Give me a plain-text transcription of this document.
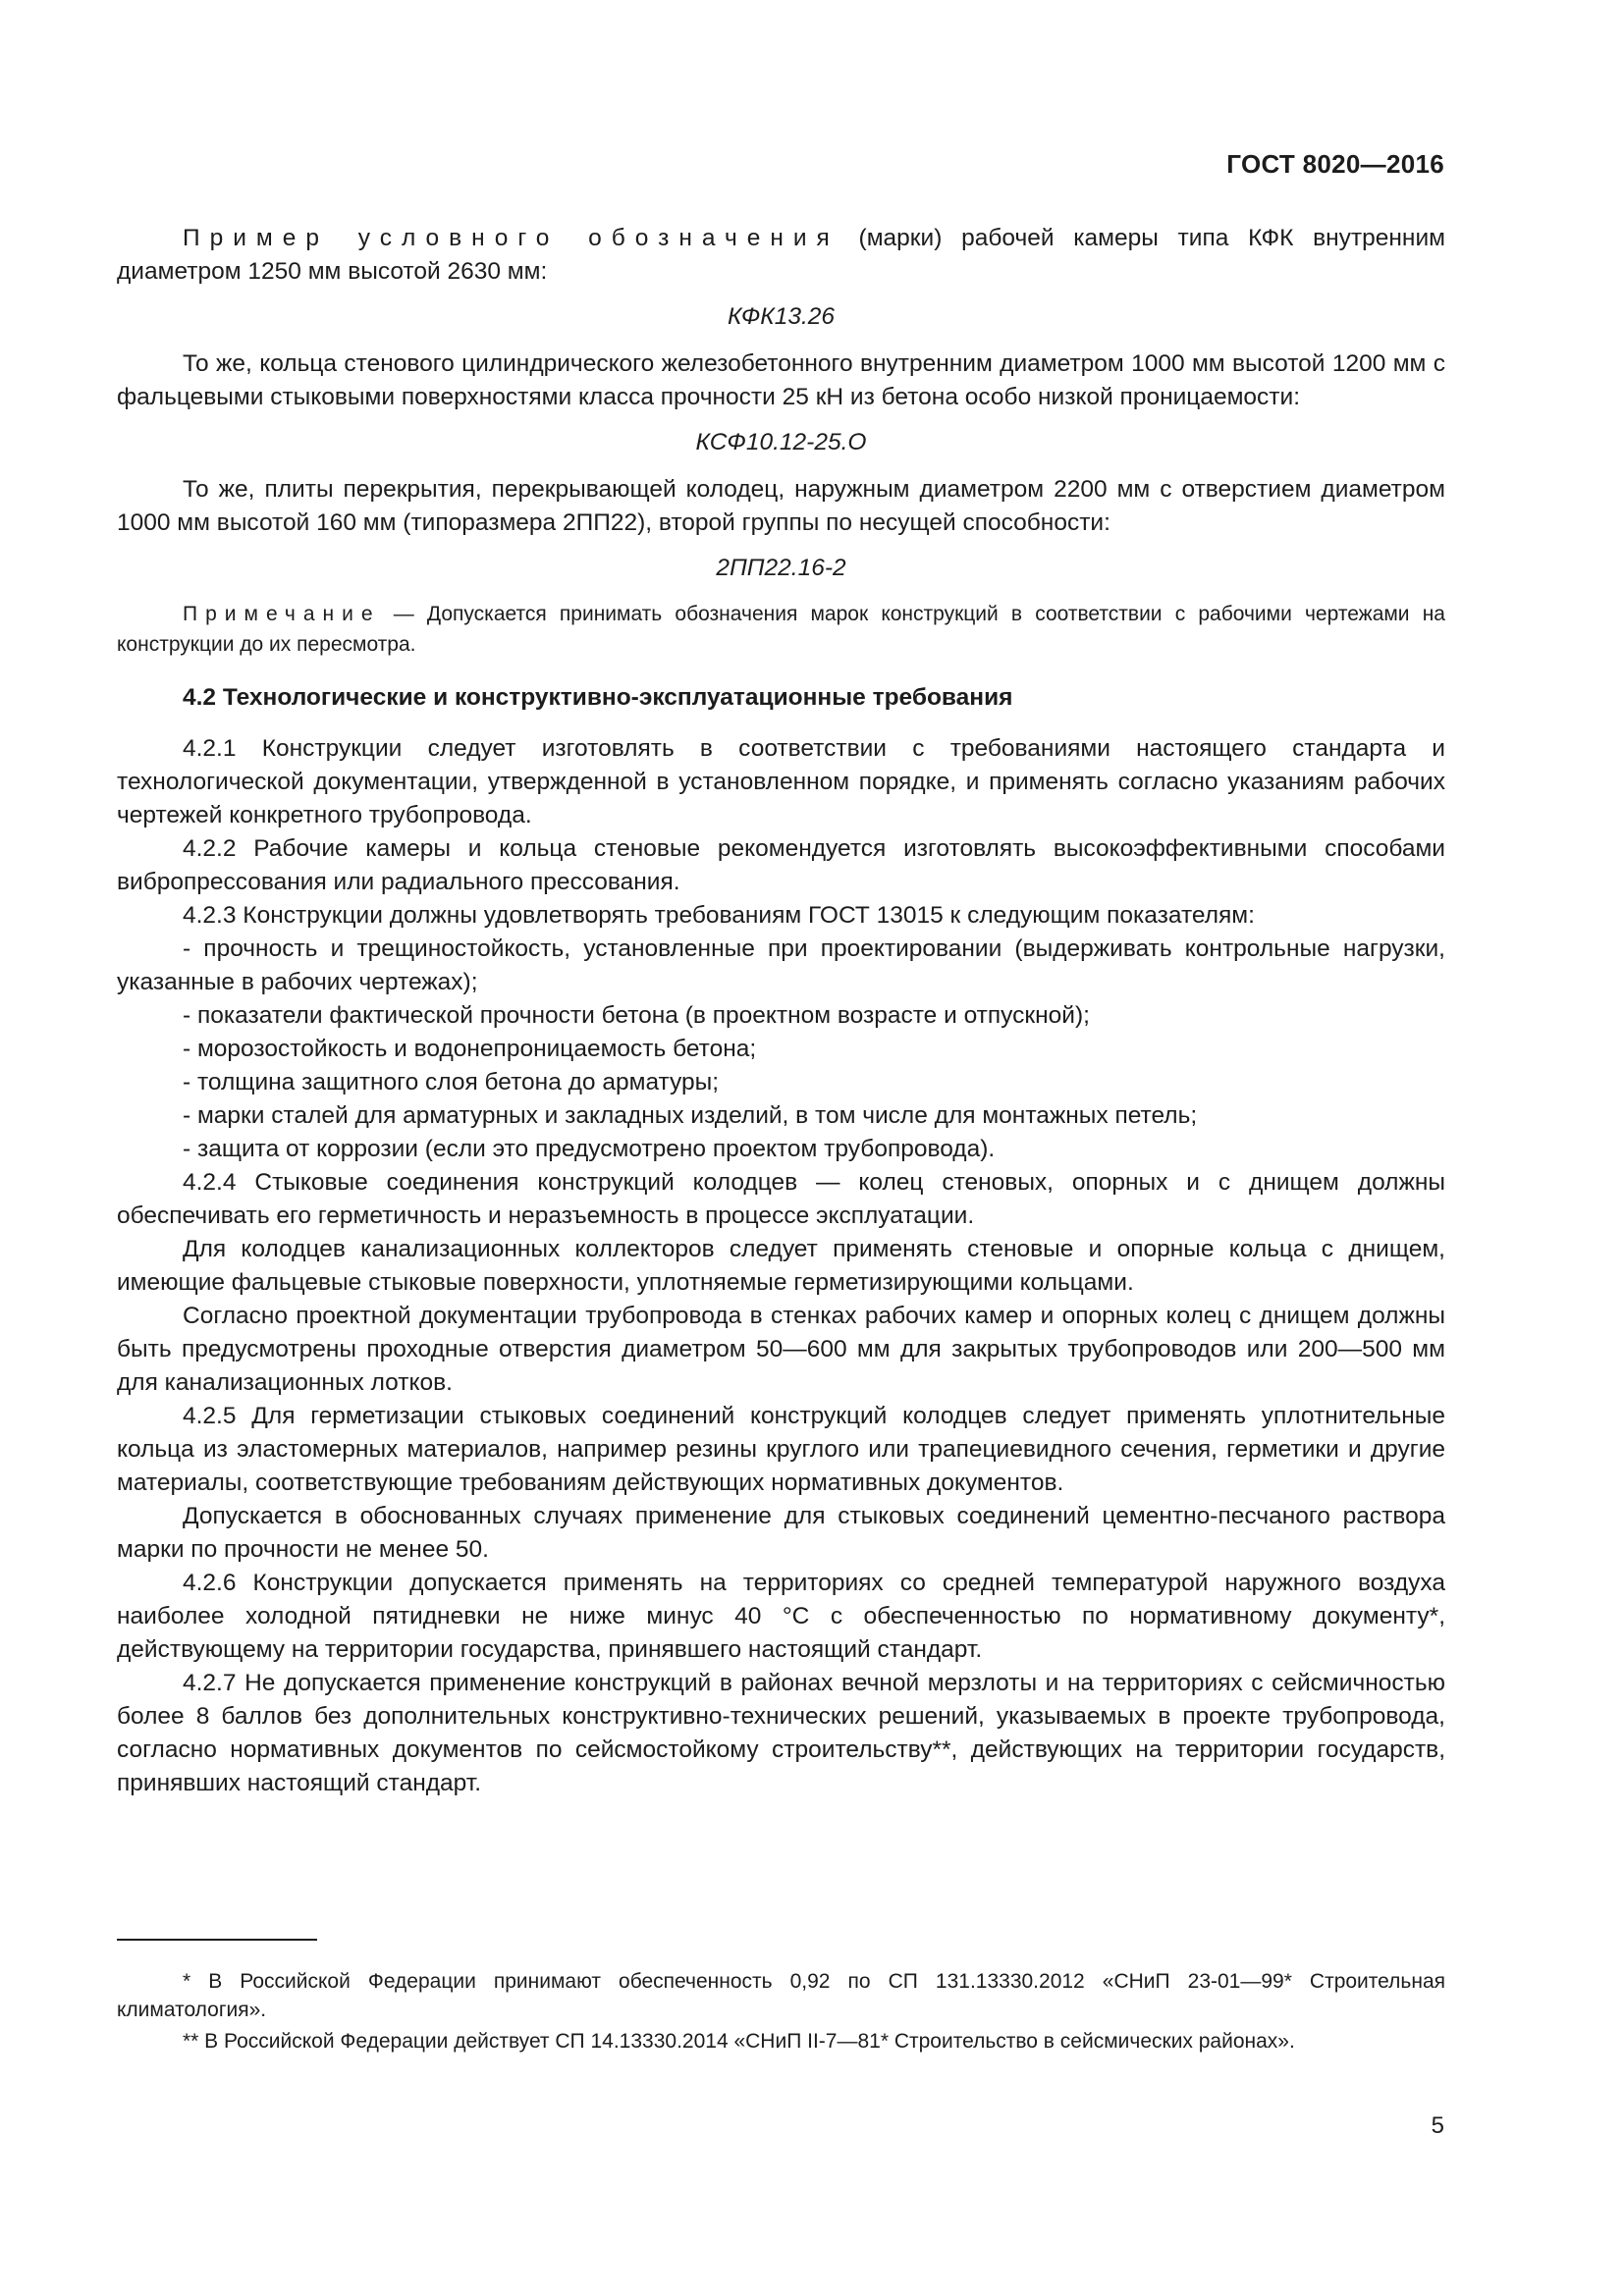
ГОСТ 8020—2016

Пример условного обозначения (марки) рабочей камеры типа КФК внутренним диаметром 1250 мм высотой 2630 мм:

КФК13.26

То же, кольца стенового цилиндрического железобетонного внутренним диаметром 1000 мм высотой 1200 мм с фальцевыми стыковыми поверхностями класса прочности 25 кН из бетона особо низкой проницаемости:

КСФ10.12-25.О

То же, плиты перекрытия, перекрывающей колодец, наружным диаметром 2200 мм с отверстием диаметром 1000 мм высотой 160 мм (типоразмера 2ПП22), второй группы по несущей способности:

2ПП22.16-2

Примечание — Допускается принимать обозначения марок конструкций в соответствии с рабочими чертежами на конструкции до их пересмотра.

4.2 Технологические и конструктивно-эксплуатационные требования

4.2.1 Конструкции следует изготовлять в соответствии с требованиями настоящего стандарта и технологической документации, утвержденной в установленном порядке, и применять согласно указаниям рабочих чертежей конкретного трубопровода.

4.2.2 Рабочие камеры и кольца стеновые рекомендуется изготовлять высокоэффективными способами вибропрессования или радиального прессования.

4.2.3 Конструкции должны удовлетворять требованиям ГОСТ 13015 к следующим показателям:

- прочность и трещиностойкость, установленные при проектировании (выдерживать контрольные нагрузки, указанные в рабочих чертежах);

- показатели фактической прочности бетона (в проектном возрасте и отпускной);

- морозостойкость и водонепроницаемость бетона;

- толщина защитного слоя бетона до арматуры;

- марки сталей для арматурных и закладных изделий, в том числе для монтажных петель;

- защита от коррозии (если это предусмотрено проектом трубопровода).

4.2.4 Стыковые соединения конструкций колодцев — колец стеновых, опорных и с днищем должны обеспечивать его герметичность и неразъемность в процессе эксплуатации.

Для колодцев канализационных коллекторов следует применять стеновые и опорные кольца с днищем, имеющие фальцевые стыковые поверхности, уплотняемые герметизирующими кольцами.

Согласно проектной документации трубопровода в стенках рабочих камер и опорных колец с днищем должны быть предусмотрены проходные отверстия диаметром 50—600 мм для закрытых трубопроводов или 200—500 мм для канализационных лотков.

4.2.5 Для герметизации стыковых соединений конструкций колодцев следует применять уплотнительные кольца из эластомерных материалов, например резины круглого или трапециевидного сечения, герметики и другие материалы, соответствующие требованиям действующих нормативных документов.

Допускается в обоснованных случаях применение для стыковых соединений цементно-песчаного раствора марки по прочности не менее 50.

4.2.6 Конструкции допускается применять на территориях со средней температурой наружного воздуха наиболее холодной пятидневки не ниже минус 40 °С с обеспеченностью по нормативному документу*, действующему на территории государства, принявшего настоящий стандарт.

4.2.7 Не допускается применение конструкций в районах вечной мерзлоты и на территориях с сейсмичностью более 8 баллов без дополнительных конструктивно-технических решений, указываемых в проекте трубопровода, согласно нормативных документов по сейсмостойкому строительству**, действующих на территории государств, принявших настоящий стандарт.

* В Российской Федерации принимают обеспеченность 0,92 по СП 131.13330.2012 «СНиП 23-01—99* Строительная климатология».

** В Российской Федерации действует СП 14.13330.2014 «СНиП II-7—81* Строительство в сейсмических районах».

5
